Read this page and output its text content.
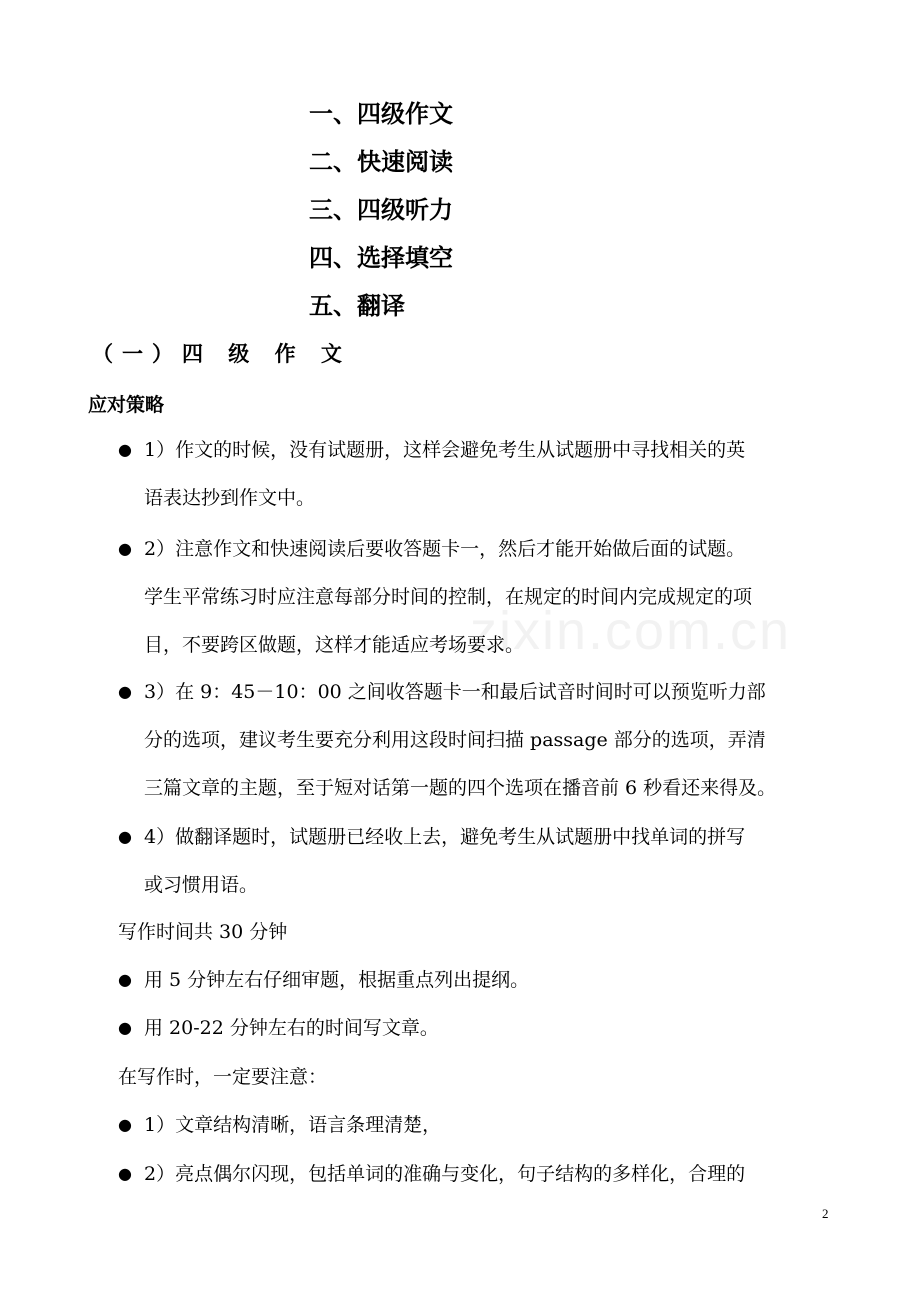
zixin.com.cn
一、四级作文
二、快速阅读
三、四级听力
四、选择填空
五、翻译
（一）四 级 作 文
应对策略
● 1）作文的时候，没有试题册，这样会避免考生从试题册中寻找相关的英
语表达抄到作文中。
● 2）注意作文和快速阅读后要收答题卡一，然后才能开始做后面的试题。
学生平常练习时应注意每部分时间的控制，在规定的时间内完成规定的项
目，不要跨区做题，这样才能适应考场要求。
● 3）在 9：45－10：00 之间收答题卡一和最后试音时间时可以预览听力部
分的选项，建议考生要充分利用这段时间扫描 passage 部分的选项，弄清
三篇文章的主题，至于短对话第一题的四个选项在播音前 6 秒看还来得及。
● 4）做翻译题时，试题册已经收上去，避免考生从试题册中找单词的拼写
或习惯用语。
写作时间共 30 分钟
● 用 5 分钟左右仔细审题，根据重点列出提纲。
● 用 20-22 分钟左右的时间写文章。
在写作时，一定要注意：
● 1）文章结构清晰，语言条理清楚，
● 2）亮点偶尔闪现，包括单词的准确与变化，句子结构的多样化，合理的
2
